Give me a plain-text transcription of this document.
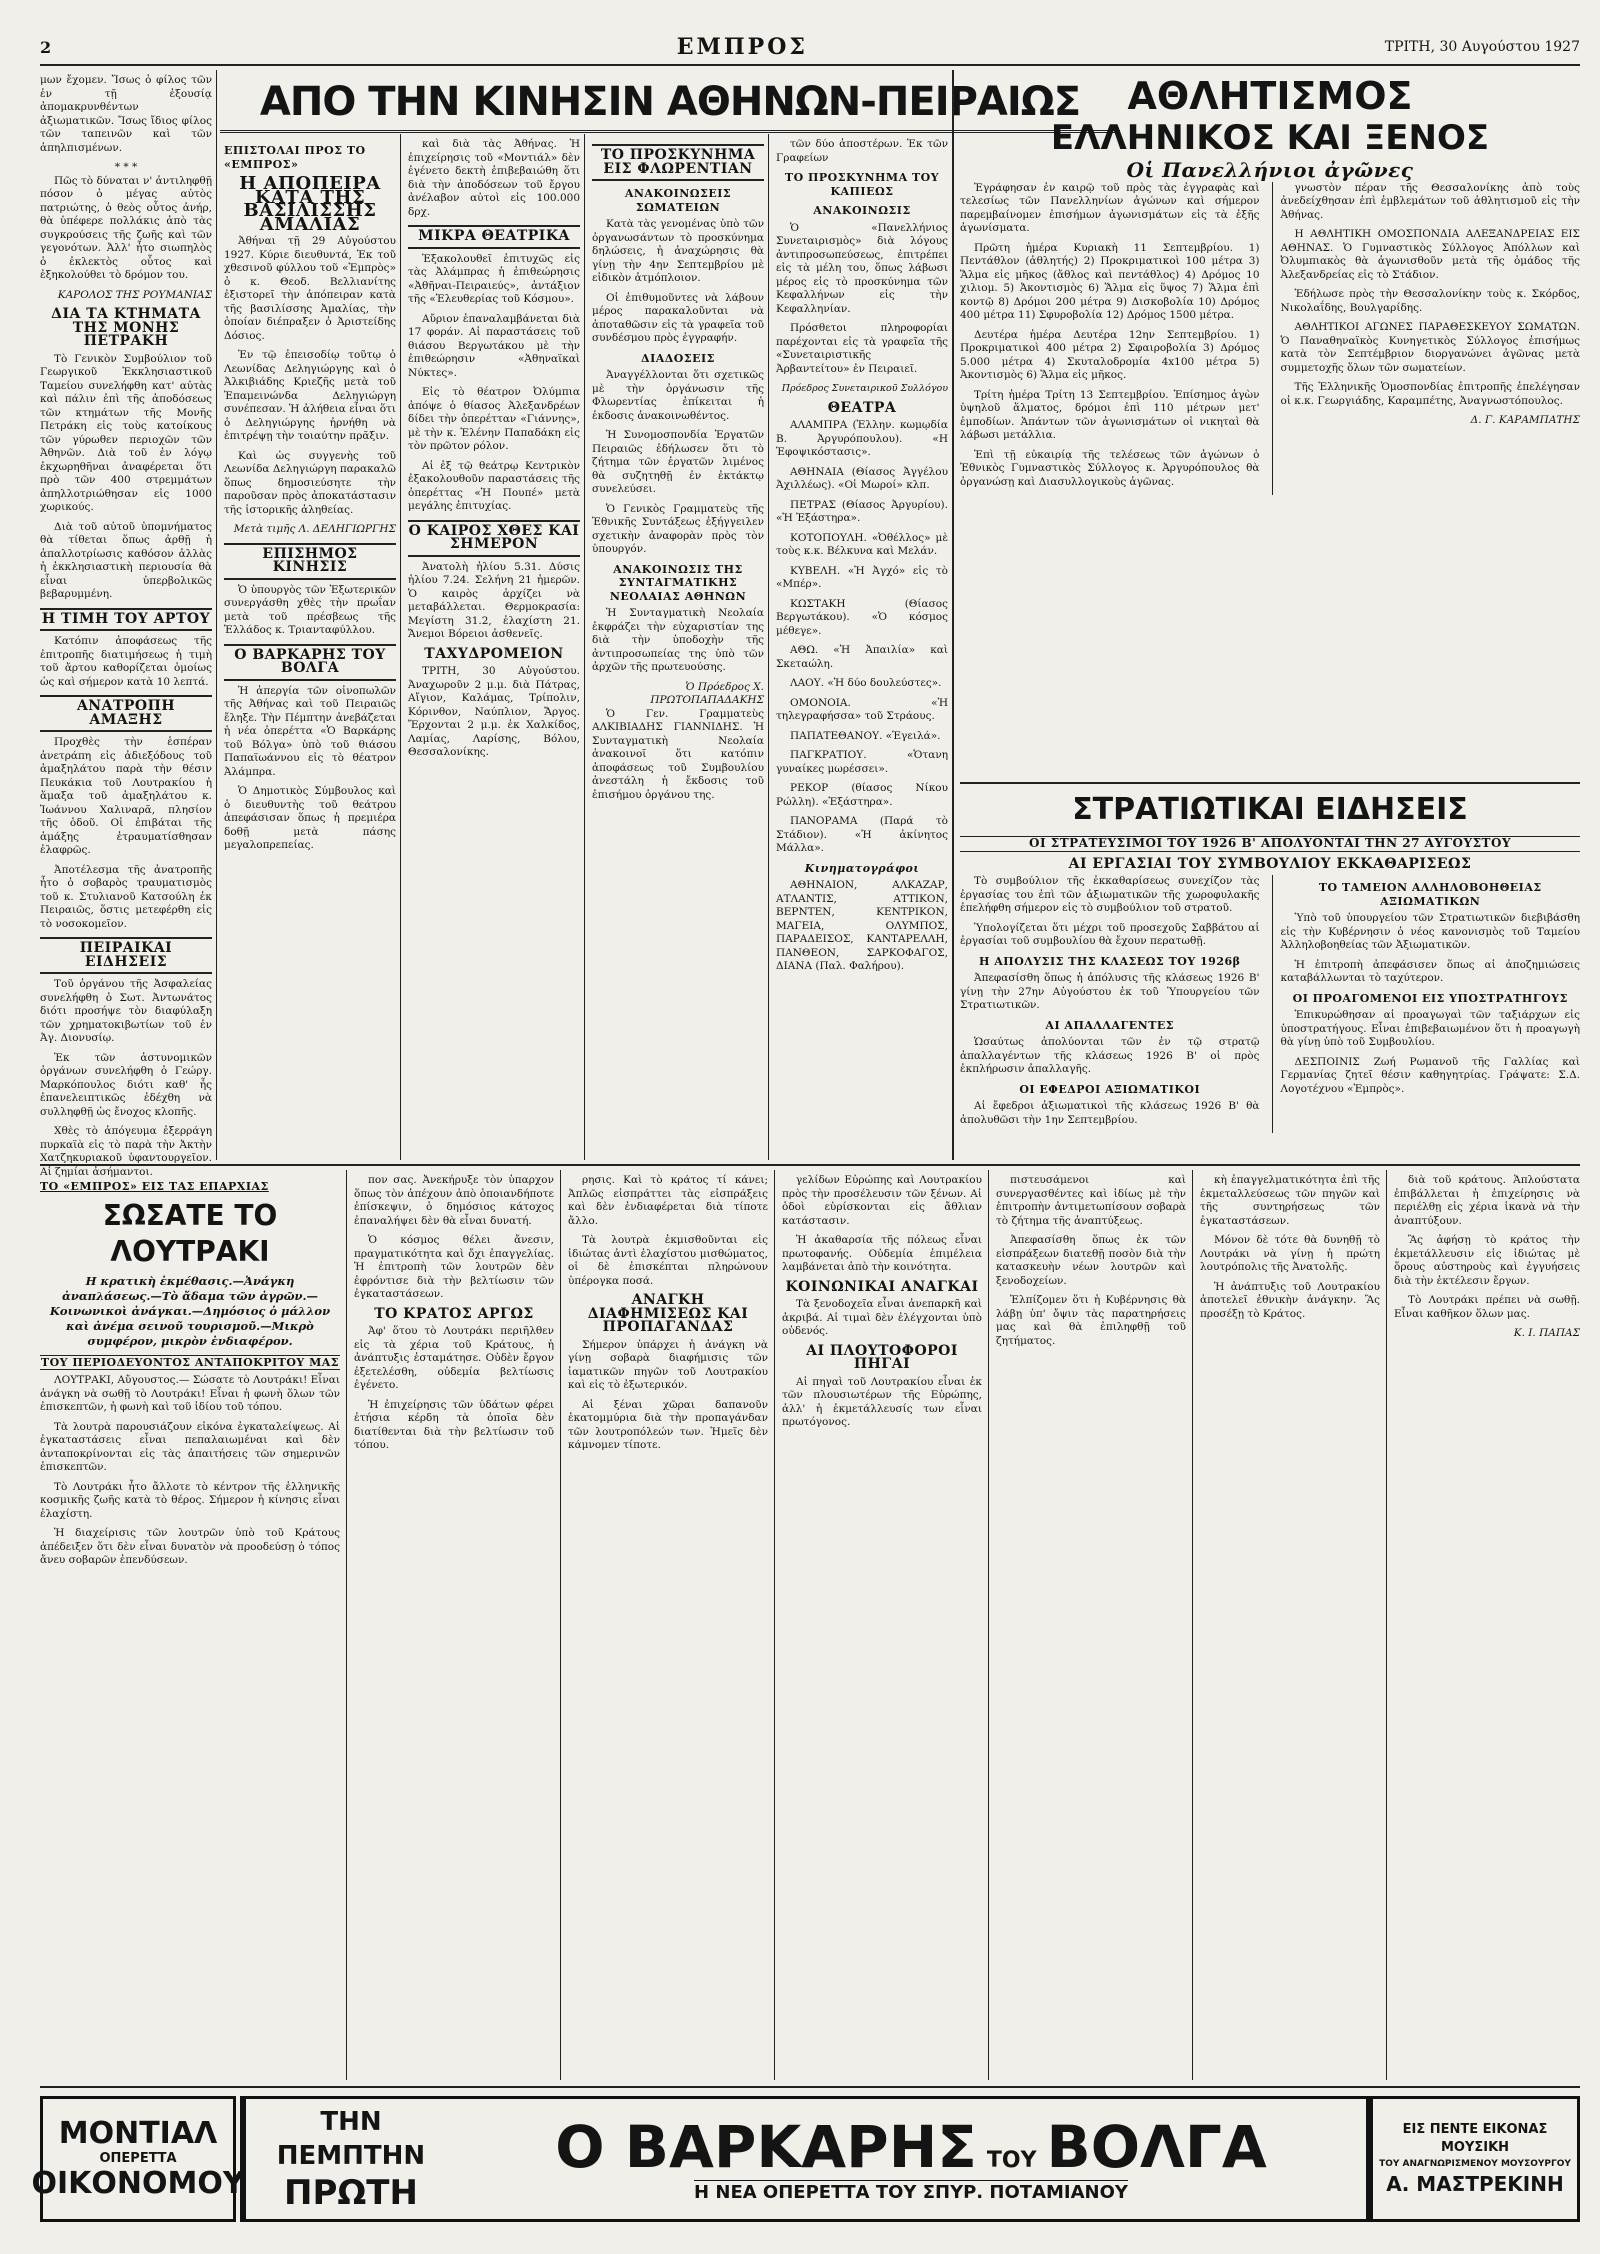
2	ΕΜΠΡΟΣ	ΤΡΙΤΗ, 30 Αυγούστου 1927
ΑΠΟ ΤΗΝ ΚΙΝΗΣΙΝ ΑΘΗΝΩΝ-ΠΕΙΡΑΙΩΣ
μων ἔχομεν. Ἴσως ὁ φίλος τῶν ἐν τῇ ἐξουσίᾳ ἀπομακρυνθέντων ἀξιωματικῶν. Ἴσως ἴδιος φίλος τῶν ταπεινῶν καὶ τῶν ἀπηλπισμένων.
* * *

Πῶς τὸ δύναται ν' ἀντιληφθῇ πόσον ὁ μέγας αὐτὸς πατριώτης, ὁ θεὸς οὗτος ἀνήρ, θὰ ὑπέφερε πολλάκις ἀπὸ τὰς συγκρούσεις τῆς ζωῆς καὶ τῶν γεγονότων. Ἀλλ' ἦτο σιωπηλὸς ὁ ἐκλεκτὸς οὗτος καὶ ἐξηκολούθει τὸ δρόμον του.

ΚΑΡΟΛΟΣ ΤΗΣ ΡΟΥΜΑΝΙΑΣ
ΔΙΑ ΤΑ ΚΤΗΜΑΤΑ ΤΗΣ ΜΟΝΗΣ ΠΕΤΡΑΚΗ

Τὸ Γενικὸν Συμβούλιον τοῦ Γεωργικοῦ Ἐκκλησιαστικοῦ Ταμείου συνελήφθη κατ' αὐτὰς καὶ πάλιν ἐπὶ τῆς ἀποδόσεως τῶν κτημάτων τῆς Μονῆς Πετράκη εἰς τοὺς κατοίκους τῶν γύρωθεν περιοχῶν τῶν Ἀθηνῶν. Διὰ τοῦ ἐν λόγῳ ἐκχωρηθῆναι ἀναφέρεται ὅτι πρὸ τῶν 400 στρεμμάτων ἀπηλλοτριώθησαν εἰς 1000 χωρικούς.

Διὰ τοῦ αὐτοῦ ὑπομνήματος θὰ τίθεται ὅπως ἀρθῇ ἡ ἀπαλλοτρίωσις καθόσον ἀλλὰς ἡ ἐκκλησιαστικὴ περιουσία θὰ εἶναι ὑπερβολικῶς βεβαρυμμένη.

Η ΤΙΜΗ ΤΟΥ ΑΡΤΟΥ

Κατόπιν ἀποφάσεως τῆς ἐπιτροπῆς διατιμήσεως ἡ τιμὴ τοῦ ἄρτου καθορίζεται ὁμοίως ὡς καὶ σήμερον κατὰ 10 λεπτά.

ΑΝΑΤΡΟΠΗ ΑΜΑΞΗΣ

Προχθὲς τὴν ἑσπέραν ἀνετράπη εἰς ἀδιεξόδους τοῦ ἁμαξηλάτου παρὰ τὴν θέσιν Πευκάκια τοῦ Λουτρακίου ἡ ἅμαξα τοῦ ἁμαξηλάτου κ. Ἰωάννου Χαλιναρᾶ, πλησίον τῆς ὁδοῦ. Οἱ ἐπιβάται τῆς ἁμάξης ἐτραυματίσθησαν ἐλαφρῶς.

Ἀποτέλεσμα τῆς ἀνατροπῆς ἦτο ὁ σοβαρὸς τραυματισμὸς τοῦ κ. Στυλιανοῦ Κατσούλη ἐκ Πειραιῶς, ὅστις μετεφέρθη εἰς τὸ νοσοκομεῖον.

ΠΕΙΡΑΙΚΑΙ ΕΙΔΗΣΕΙΣ

Τοῦ ὀργάνου τῆς Ἀσφαλείας συνελήφθη ὁ Σωτ. Ἀντωνάτος διότι προσήψε τὸν διαφύλαξη τῶν χρηματοκιβωτίων τοῦ ἐν Ἀγ. Διονυσίῳ.

Ἐκ τῶν ἀστυνομικῶν ὀργάνων συνελήφθη ὁ Γεώργ. Μαρκόπουλος διότι καθ' ἧς ἐπανελειπτικῶς ἐδέχθη νὰ συλληφθῇ ὡς ἔνοχος κλοπῆς.

Χθὲς τὸ ἀπόγευμα ἐξερράγη πυρκαϊὰ εἰς τὸ παρὰ τὴν Ἀκτὴν Χατζηκυριακοῦ ὑφαντουργεῖον. Αἱ ζημίαι ἀσήμαντοι.

ΕΠΙΣΤΟΛΑΙ ΠΡΟΣ ΤΟ «ΕΜΠΡΟΣ»
Η ΑΠΟΠΕΙΡΑ ΚΑΤΑ ΤΗΣ ΒΑΣΙΛΙΣΣΗΣ ΑΜΑΛΙΑΣ

Ἀθήναι τῇ 29 Αὐγούστου 1927. Κύριε διευθυντά, Ἐκ τοῦ χθεσινοῦ φύλλου τοῦ «Ἐμπρὸς» ὁ κ. Θεοδ. Βελλιανίτης ἐξιστορεῖ τὴν ἀπόπειραν κατὰ τῆς βασιλίσσης Ἀμαλίας, τὴν ὁποίαν διέπραξεν ὁ Ἀριστείδης Δόσιος.

Ἐν τῷ ἐπεισοδίῳ τοῦτῳ ὁ Λεωνίδας Δεληγιώργης καὶ ὁ Ἀλκιβιάδης Κριεζῆς μετὰ τοῦ Ἐπαμεινώνδα Δεληγιώργη συνέπεσαν. Ἡ ἀλήθεια εἶναι ὅτι ὁ Δεληγιώργης ἠρνήθη νὰ ἐπιτρέψῃ τὴν τοιαύτην πρᾶξιν.

Καὶ ὡς συγγενὴς τοῦ Λεωνίδα Δεληγιώργη παρακαλῶ ὅπως δημοσιεύσητε τὴν παροῦσαν πρὸς ἀποκατάστασιν τῆς ἱστορικῆς ἀληθείας.

Μετὰ τιμῆς Λ. ΔΕΛΗΓΙΩΡΓΗΣ
ΕΠΙΣΗΜΟΣ ΚΙΝΗΣΙΣ

Ὁ ὑπουργὸς τῶν Ἐξωτερικῶν συνεργάσθη χθὲς τὴν πρωΐαν μετὰ τοῦ πρέσβεως τῆς Ἑλλάδος κ. Τριανταφύλλου.

Ο ΒΑΡΚΑΡΗΣ ΤΟΥ ΒΟΛΓΑ

Ἡ ἀπεργία τῶν οἰνοπωλῶν τῆς Ἀθήνας καὶ τοῦ Πειραιῶς ἔληξε. Τὴν Πέμπτην ἀνεβάζεται ἡ νέα ὀπερέττα «Ὁ Βαρκάρης τοῦ Βόλγα» ὑπὸ τοῦ θιάσου Παπαϊωάννου εἰς τὸ θέατρον Ἀλάμπρα.

Ὁ Δημοτικὸς Σύμβουλος καὶ ὁ διευθυντὴς τοῦ θεάτρου ἀπεφάσισαν ὅπως ἡ πρεμιέρα δοθῇ μετὰ πάσης μεγαλοπρεπείας.

καὶ διὰ τὰς Ἀθήνας. Ἡ ἐπιχείρησις τοῦ «Μοντιάλ» δὲν ἐγένετο δεκτὴ ἐπιβεβαιώθη ὅτι διὰ τὴν ἀποδόσεων τοῦ ἔργου ἀνέλαβον αὐτοὶ εἰς 100.000 δρχ.

ΜΙΚΡΑ ΘΕΑΤΡΙΚΑ

Ἐξακολουθεῖ ἐπιτυχῶς εἰς τὰς Ἀλάμπρας ἡ ἐπιθεώρησις «Ἀθῆναι-Πειραιεύς», ἀντάξιον τῆς «Ἐλευθερίας τοῦ Κόσμου».

Αὔριον ἐπαναλαμβάνεται διὰ 17 φοράν. Αἱ παραστάσεις τοῦ θιάσου Βεργωτάκου μὲ τὴν ἐπιθεώρησιν «Ἀθηναϊκαὶ Νύκτες».

Εἰς τὸ θέατρον Ὀλύμπια ἀπόψε ὁ θίασος Ἀλεξανδρέων δίδει τὴν ὀπερέτταν «Γιάννης», μὲ τὴν κ. Ἑλένην Παπαδάκη εἰς τὸν πρῶτον ρόλον.

Αἱ ἐξ τῷ θεάτρῳ Κεντρικὸν ἐξακολουθοῦν παραστάσεις τῆς ὀπερέττας «Ἡ Πουπέ» μετὰ μεγάλης ἐπιτυχίας.

Ο ΚΑΙΡΟΣ ΧΘΕΣ ΚΑΙ ΣΗΜΕΡΟΝ

Ἀνατολὴ ἡλίου 5.31. Δύσις ἡλίου 7.24. Σελήνη 21 ἡμερῶν. Ὁ καιρὸς ἀρχίζει νὰ μεταβάλλεται. Θερμοκρασία: Μεγίστη 31.2, ἐλαχίστη 21. Ἄνεμοι Βόρειοι ἀσθενεῖς.

ΤΑΧΥΔΡΟΜΕΙΟΝ

ΤΡΙΤΗ, 30 Αὐγούστου. Ἀναχωροῦν 2 μ.μ. διὰ Πάτρας, Αἴγιον, Καλάμας, Τρίπολιν, Κόρινθον, Ναύπλιον, Ἄργος. Ἔρχονται 2 μ.μ. ἐκ Χαλκίδος, Λαμίας, Λαρίσης, Βόλου, Θεσσαλονίκης.

ΤΟ ΠΡΟΣΚΥΝΗΜΑ ΕΙΣ ΦΛΩΡΕΝΤΙΑΝ
ΑΝΑΚΟΙΝΩΣΕΙΣ ΣΩΜΑΤΕΙΩΝ

Κατὰ τὰς γενομένας ὑπὸ τῶν ὀργανωσάντων τὸ προσκύνημα δηλώσεις, ἡ ἀναχώρησις θὰ γίνῃ τὴν 4ην Σεπτεμβρίου μὲ εἰδικὸν ἀτμόπλοιον.

Οἱ ἐπιθυμοῦντες νὰ λάβουν μέρος παρακαλοῦνται νὰ ἀποταθῶσιν εἰς τὰ γραφεῖα τοῦ συνδέσμου πρὸς ἐγγραφήν.

ΔΙΑΔΟΣΕΙΣ

Ἀναγγέλλονται ὅτι σχετικῶς μὲ τὴν ὀργάνωσιν τῆς Φλωρεντίας ἐπίκειται ἡ ἐκδοσις ἀνακοινωθέντος.

Ἡ Συνομοσπονδία Ἐργατῶν Πειραιῶς ἐδήλωσεν ὅτι τὸ ζήτημα τῶν ἐργατῶν λιμένος θὰ συζητηθῇ ἐν ἐκτάκτῳ συνελεύσει.

Ὁ Γενικὸς Γραμματεὺς τῆς Ἐθνικῆς Συντάξεως ἐξήγγειλεν σχετικὴν ἀναφορὰν πρὸς τὸν ὑπουργόν.

ΑΝΑΚΟΙΝΩΣΙΣ ΤΗΣ ΣΥΝΤΑΓΜΑΤΙΚΗΣ ΝΕΟΛΑΙΑΣ ΑΘΗΝΩΝ

Ἡ Συνταγματικὴ Νεολαία ἐκφράζει τὴν εὐχαριστίαν της διὰ τὴν ὑποδοχὴν τῆς ἀντιπροσωπείας της ὑπὸ τῶν ἀρχῶν τῆς πρωτευούσης.

Ὁ Πρόεδρος Χ. ΠΡΩΤΟΠΑΠΑΔΑΚΗΣ

Ὁ Γεν. Γραμματεὺς ΑΛΚΙΒΙΑΔΗΣ ΓΙΑΝΝΙΔΗΣ. Ἡ Συνταγματικὴ Νεολαία ἀνακοινοῖ ὅτι κατόπιν ἀποφάσεως τοῦ Συμβουλίου ἀνεστάλη ἡ ἔκδοσις τοῦ ἐπισήμου ὀργάνου της.

τῶν δύο ἀποστέρων. Ἐκ τῶν Γραφείων

ΤΟ ΠΡΟΣΚΥΝΗΜΑ ΤΟΥ ΚΑΠΙΕΩΣ
ΑΝΑΚΟΙΝΩΣΙΣ

Ὁ «Πανελλήνιος Συνεταιρισμὸς» διὰ λόγους ἀντιπροσωπεύσεως, ἐπιτρέπει εἰς τὰ μέλη του, ὅπως λάβωσι μέρος εἰς τὸ προσκύνημα τῶν Κεφαλλήνων εἰς τὴν Κεφαλληνίαν.

Πρόσθετοι πληροφορίαι παρέχονται εἰς τὰ γραφεῖα τῆς «Συνεταιριστικῆς Ἀρβαντείτου» ἐν Πειραιεῖ.

Πρόεδρος Συνεταιρικοῦ Συλλόγου
ΘΕΑΤΡΑ

ΑΛΑΜΠΡΑ (Ἐλλην. κωμῳδία Β. Ἀργυρόπουλου). «Η Ἐφοψικόστασις».

ΑΘΗΝΑΙΑ (Θίασος Ἀγγέλου Ἀχιλλέως). «Οἱ Μωροί» κλπ.

ΠΕΤΡΑΣ (Θίασος Ἀργυρίου). «Ἡ Ἐξάστηρα».

ΚΟΤΟΠΟΥΛΗ. «Ὀθέλλος» μὲ τοὺς κ.κ. Βέλκυνα καὶ Μελάν.

ΚΥΒΕΛΗ. «Ἡ Ἀγχό» εἰς τὸ «Μπέρ».

ΚΩΣΤΑΚΗ (Θίασος Βεργωτάκου). «Ὁ κόσμος μέθεγε».

ΑΘΩ. «Ἡ Ἀπαιλία» καὶ Σκεταώλη.

ΛΑΟΥ. «Ἡ δύο δουλεύστες».

ΟΜΟΝΟΙΑ. «Ἡ τηλεγραφήσσα» τοῦ Στράους.

ΠΑΠΑΤΕΘΑΝΟΥ. «Ἐγειλά».

ΠΑΓΚΡΑΤΙΟΥ. «Ὁτανη γυναίκες μωρέσσει».

ΡΕΚΟΡ (θίασος Νίκου Ρώλλη). «Ἐξάστηρα».

ΠΑΝΟΡΑΜΑ (Παρά τὸ Στάδιον). «Ἡ ἀκίνητος Μάλλα».

Κινηματογράφοι

ΑΘΗΝΑΙΟΝ, ΑΛΚΑΖΑΡ, ΑΤΛΑΝΤΙΣ, ΑΤΤΙΚΟΝ, ΒΕΡΝΤΕΝ, ΚΕΝΤΡΙΚΟΝ, ΜΑΓΕΙΑ, ΟΛΥΜΠΟΣ, ΠΑΡΑΔΕΙΣΟΣ, ΚΑΝΤΑΡΕΛΛΗ, ΠΑΝΘΕΟΝ, ΣΑΡΚΟΦΑΓΟΣ, ΔΙΑΝΑ (Παλ. Φαλήρου).

ΑΘΛΗΤΙΣΜΟΣ
ΕΛΛΗΝΙΚΟΣ ΚΑΙ ΞΕΝΟΣ
Οἱ Πανελλήνιοι ἀγῶνες

Ἐγράφησαν ἐν καιρῷ τοῦ πρὸς τὰς ἐγγραφὰς καὶ τελεσίως τῶν Πανελληνίων ἀγώνων καὶ σήμερον παρεμβαίνομεν ἐπισήμων ἀγωνισμάτων εἰς τὰ ἐξῆς ἀγωνίσματα.

Πρῶτη ἡμέρα Κυριακὴ 11 Σεπτεμβρίου. 1) Πεντάθλον (ἀθλητής) 2) Προκριματικοὶ 100 μέτρα 3) Ἅλμα εἰς μῆκος (ἄθλος καὶ πεντάθλος) 4) Δρόμος 10 χιλιομ. 5) Ἀκοντισμὸς 6) Ἅλμα εἰς ὕψος 7) Ἅλμα ἐπὶ κοντῷ 8) Δρόμοι 200 μέτρα 9) Δισκοβολία 10) Δρόμος 400 μέτρα 11) Σφυροβολία 12) Δρόμος 1500 μέτρα.

Δευτέρα ἡμέρα Δευτέρα 12ην Σεπτεμβρίου. 1) Προκριματικοὶ 400 μέτρα 2) Σφαιροβολία 3) Δρόμος 5.000 μέτρα 4) Σκυταλοδρομία 4x100 μέτρα 5) Ἀκοντισμὸς 6) Ἅλμα εἰς μῆκος.

Τρίτη ἡμέρα Τρίτη 13 Σεπτεμβρίου. Ἐπίσημος ἀγὼν ὑψηλοῦ ἅλματος, δρόμοι ἐπὶ 110 μέτρων μετ' ἐμποδίων. Ἁπάντων τῶν ἀγωνισμάτων οἱ νικηταὶ θὰ λάβωσι μετάλλια.

Ἐπὶ τῇ εὐκαιρίᾳ τῆς τελέσεως τῶν ἀγώνων ὁ Ἐθνικὸς Γυμναστικὸς Σύλλογος κ. Ἀργυρόπουλος θὰ ὀργανώσῃ καὶ Διασυλλογικοὺς ἀγῶνας.

γνωστὸν πέραν τῆς Θεσσαλονίκης ἀπὸ τοὺς ἀνεδείχθησαν ἐπὶ ἐμβλεμάτων τοῦ ἀθλητισμοῦ εἰς τὴν Ἀθήνας.

Η ΑΘΛΗΤΙΚΗ ΟΜΟΣΠΟΝΔΙΑ ΑΛΕΞΑΝΔΡΕΙΑΣ ΕΙΣ ΑΘΗΝΑΣ. Ὁ Γυμναστικὸς Σύλλογος Ἀπόλλων καὶ Ὀλυμπιακὸς θὰ ἀγωνισθοῦν μετὰ τῆς ὁμάδος τῆς Ἀλεξανδρείας εἰς τὸ Στάδιον.

Ἐδήλωσε πρὸς τὴν Θεσσαλονίκην τοὺς κ. Σκόρδος, Νικολαΐδης, Βουλγαρίδης.

ΑΘΛΗΤΙΚΟΙ ΑΓΩΝΕΣ ΠΑΡΑΘΕΣΚΕΥΟΥ ΣΩΜΑΤΩΝ. Ὁ Παναθηναϊκὸς Κυνηγετικὸς Σύλλογος ἐπισήμως κατὰ τὸν Σεπτέμβριον διοργανώνει ἀγῶνας μετὰ συμμετοχῆς ὅλων τῶν σωματείων.

Τῆς Ἑλληνικῆς Ὁμοσπονδίας ἐπιτροπῆς ἐπελέγησαν οἱ κ.κ. Γεωργιάδης, Καραμπέτης, Ἀναγνωστόπουλος.

Δ. Γ. ΚΑΡΑΜΠΑΤΗΣ
ΣΤΡΑΤΙΩΤΙΚΑΙ ΕΙΔΗΣΕΙΣ
ΟΙ ΣΤΡΑΤΕΥΣΙΜΟΙ ΤΟΥ 1926 Β' ΑΠΟΛΥΟΝΤΑΙ ΤΗΝ 27 ΑΥΓΟΥΣΤΟΥ
ΑΙ ΕΡΓΑΣΙΑΙ ΤΟΥ ΣΥΜΒΟΥΛΙΟΥ ΕΚΚΑΘΑΡΙΣΕΩΣ

Τὸ συμβούλιον τῆς ἐκκαθαρίσεως συνεχίζον τὰς ἐργασίας του ἐπὶ τῶν ἀξιωματικῶν τῆς χωροφυλακῆς ἐπελήφθη σήμερον εἰς τὸ συμβούλιον τοῦ στρατοῦ.

Ὑπολογίζεται ὅτι μέχρι τοῦ προσεχοῦς Σαββάτου αἱ ἐργασίαι τοῦ συμβουλίου θὰ ἔχουν περατωθῇ.

Η ΑΠΟΛΥΣΙΣ ΤΗΣ ΚΛΑΣΕΩΣ ΤΟΥ 1926β

Ἀπεφασίσθη ὅπως ἡ ἀπόλυσις τῆς κλάσεως 1926 Β' γίνῃ τὴν 27ην Αὐγούστου ἐκ τοῦ Ὑπουργείου τῶν Στρατιωτικῶν.

ΑΙ ΑΠΑΛΛΑΓΕΝΤΕΣ

Ὡσαύτως ἀπολύονται τῶν ἐν τῷ στρατῷ ἀπαλλαγέντων τῆς κλάσεως 1926 Β' οἱ πρὸς ἐκπλήρωσιν ἀπαλλαγῆς.

ΟΙ ΕΦΕΔΡΟΙ ΑΞΙΩΜΑΤΙΚΟΙ

Αἱ ἔφεδροι ἀξιωματικοὶ τῆς κλάσεως 1926 Β' θὰ ἀπολυθῶσι τὴν 1ην Σεπτεμβρίου.

ΤΟ ΤΑΜΕΙΟΝ ΑΛΛΗΛΟΒΟΗΘΕΙΑΣ ΑΞΙΩΜΑΤΙΚΩΝ

Ὑπὸ τοῦ ὑπουργείου τῶν Στρατιωτικῶν διεβιβάσθη εἰς τὴν Κυβέρνησιν ὁ νέος κανονισμὸς τοῦ Ταμείου Ἀλληλοβοηθείας τῶν Ἀξιωματικῶν.

Ἡ ἐπιτροπὴ ἀπεφάσισεν ὅπως αἱ ἀποζημιώσεις καταβάλλωνται τὸ ταχύτερον.

ΟΙ ΠΡΟΑΓΟΜΕΝΟΙ ΕΙΣ ΥΠΟΣΤΡΑΤΗΓΟΥΣ

Ἐπικυρώθησαν αἱ προαγωγαὶ τῶν ταξιάρχων εἰς ὑποστρατήγους. Εἶναι ἐπιβεβαιωμένον ὅτι ἡ προαγωγὴ θὰ γίνῃ ὑπὸ τοῦ Συμβουλίου.

ΔΕΣΠΟΙΝΙΣ Ζωή Ρωμανοῦ τῆς Γαλλίας καὶ Γερμανίας ζητεῖ θέσιν καθηγητρίας. Γράψατε: Σ.Δ. Λογοτέχνου «Ἐμπρὸς».

ΤΟ «ΕΜΠΡΟΣ» ΕΙΣ ΤΑΣ ΕΠΑΡΧΙΑΣ
ΣΩΣΑΤΕ ΤΟ ΛΟΥΤΡΑΚΙ
Η κρατικὴ ἐκμέθασις.—Ἀνάγκη ἀναπλάσεως.—Τὸ ἄδαμα τῶν ἀγρῶν.—Κοινωνικοὶ ἀνάγκαι.—Δημόσιος ὁ μάλλον καὶ ἀνέμα σεινοῦ τουρισμοῦ.—Μικρὸ συμφέρον, μικρὸν ἐνδιαφέρον.
ΤΟΥ ΠΕΡΙΟΔΕΥΟΝΤΟΣ ΑΝΤΑΠΟΚΡΙΤΟΥ ΜΑΣ

ΛΟΥΤΡΑΚΙ, Αὔγουστος.— Σώσατε τὸ Λουτράκι! Εἶναι ἀνάγκη νὰ σωθῇ τὸ Λουτράκι! Εἶναι ἡ φωνὴ ὅλων τῶν ἐπισκεπτῶν, ἡ φωνὴ καὶ τοῦ ἰδίου τοῦ τόπου.

Τὰ λουτρὰ παρουσιάζουν εἰκόνα ἐγκαταλείψεως. Αἱ ἐγκαταστάσεις εἶναι πεπαλαιωμέναι καὶ δὲν ἀνταποκρίνονται εἰς τὰς ἀπαιτήσεις τῶν σημερινῶν ἐπισκεπτῶν.

Τὸ Λουτράκι ἦτο ἄλλοτε τὸ κέντρον τῆς ἑλληνικῆς κοσμικῆς ζωῆς κατὰ τὸ θέρος. Σήμερον ἡ κίνησις εἶναι ἐλαχίστη.

Ἡ διαχείρισις τῶν λουτρῶν ὑπὸ τοῦ Κράτους ἀπέδειξεν ὅτι δὲν εἶναι δυνατὸν νὰ προοδεύσῃ ὁ τόπος ἄνευ σοβαρῶν ἐπενδύσεων.

πον σας. Ἀνεκήρυξε τὸν ὑπαρχον ὅπως τὸν ἀπέχουν ἀπὸ ὁποιανδήποτε ἐπίσκεψιν, ὁ δημόσιος κάτοχος ἐπαναλήψει δὲν θὰ εἶναι δυνατή.

Ὁ κόσμος θέλει ἄνεσιν, πραγματικότητα καὶ ὄχι ἐπαγγελίας. Ἡ ἐπιτροπὴ τῶν λουτρῶν δὲν ἐφρόντισε διὰ τὴν βελτίωσιν τῶν ἐγκαταστάσεων.

ΤΟ ΚΡΑΤΟΣ ΑΡΓΩΣ

Ἀφ' ὅτου τὸ Λουτράκι περιῆλθεν εἰς τὰ χέρια τοῦ Κράτους, ἡ ἀνάπτυξις ἐσταμάτησε. Οὐδὲν ἔργον ἐξετελέσθη, οὐδεμία βελτίωσις ἐγένετο.

Ἡ ἐπιχείρησις τῶν ὑδάτων φέρει ἐτήσια κέρδη τὰ ὁποῖα δὲν διατίθενται διὰ τὴν βελτίωσιν τοῦ τόπου.

ρησις. Καὶ τὸ κράτος τί κάνει; Ἀπλῶς εἰσπράττει τὰς εἰσπράξεις καὶ δὲν ἐνδιαφέρεται διὰ τίποτε ἄλλο.

Τὰ λουτρὰ ἐκμισθοῦνται εἰς ἰδιώτας ἀντὶ ἐλαχίστου μισθώματος, οἱ δὲ ἐπισκέπται πληρώνουν ὑπέρογκα ποσά.

ΑΝΑΓΚΗ ΔΙΑΦΗΜΙΣΕΩΣ ΚΑΙ ΠΡΟΠΑΓΑΝΔΑΣ

Σήμερον ὑπάρχει ἡ ἀνάγκη νὰ γίνῃ σοβαρὰ διαφήμισις τῶν ἰαματικῶν πηγῶν τοῦ Λουτρακίου καὶ εἰς τὸ ἐξωτερικόν.

Αἱ ξέναι χῶραι δαπανοῦν ἑκατομμύρια διὰ τὴν προπαγάνδαν τῶν λουτροπόλεών των. Ἡμεῖς δὲν κάμνομεν τίποτε.

γελίδων Εὐρώπης καὶ Λουτρακίου πρὸς τὴν προσέλευσιν τῶν ξένων. Αἱ ὁδοὶ εὑρίσκονται εἰς ἄθλιαν κατάστασιν.

Ἡ ἀκαθαρσία τῆς πόλεως εἶναι πρωτοφανής. Οὐδεμία ἐπιμέλεια λαμβάνεται ἀπὸ τὴν κοινότητα.

ΚΟΙΝΩΝΙΚΑΙ ΑΝΑΓΚΑΙ

Τὰ ξενοδοχεῖα εἶναι ἀνεπαρκῆ καὶ ἀκριβά. Αἱ τιμαὶ δὲν ἐλέγχονται ὑπὸ οὐδενός.

ΑΙ ΠΛΟΥΤΟΦΟΡΟΙ ΠΗΓΑΙ

Αἱ πηγαὶ τοῦ Λουτρακίου εἶναι ἐκ τῶν πλουσιωτέρων τῆς Εὐρώπης, ἀλλ' ἡ ἐκμετάλλευσίς των εἶναι πρωτόγονος.

πιστευσάμενοι καὶ συνεργασθέντες καὶ ἰδίως μὲ τὴν ἐπιτροπὴν ἀντιμετωπίσουν σοβαρὰ τὸ ζήτημα τῆς ἀναπτύξεως.

Ἀπεφασίσθη ὅπως ἐκ τῶν εἰσπράξεων διατεθῇ ποσὸν διὰ τὴν κατασκευὴν νέων λουτρῶν καὶ ξενοδοχείων.

Ἐλπίζομεν ὅτι ἡ Κυβέρνησις θὰ λάβῃ ὑπ' ὄψιν τὰς παρατηρήσεις μας καὶ θὰ ἐπιληφθῇ τοῦ ζητήματος.

κὴ ἐπαγγελματικότητα ἐπὶ τῆς ἐκμεταλλεύσεως τῶν πηγῶν καὶ τῆς συντηρήσεως τῶν ἐγκαταστάσεων.

Μόνον δὲ τότε θὰ δυνηθῇ τὸ Λουτράκι νὰ γίνῃ ἡ πρώτη λουτρόπολις τῆς Ἀνατολῆς.

Ἡ ἀνάπτυξις τοῦ Λουτρακίου ἀποτελεῖ ἐθνικὴν ἀνάγκην. Ἂς προσέξῃ τὸ Κράτος.

διὰ τοῦ κράτους. Ἁπλούστατα ἐπιβάλλεται ἡ ἐπιχείρησις νὰ περιέλθῃ εἰς χέρια ἱκανὰ νὰ τὴν ἀναπτύξουν.

Ἂς ἀφήσῃ τὸ κράτος τὴν ἐκμετάλλευσιν εἰς ἰδιώτας μὲ ὅρους αὐστηροὺς καὶ ἐγγυήσεις διὰ τὴν ἐκτέλεσιν ἔργων.

Τὸ Λουτράκι πρέπει νὰ σωθῇ. Εἶναι καθῆκον ὅλων μας.

Κ. Ι. ΠΑΠΑΣ
ΜΟΝΤΙΑΛ
ΟΠΕΡΕΤΤΑ
ΟΙΚΟΝΟΜΟΥ
ΤΗΝ ΠΕΜΠΤΗΝ
ΠΡΩΤΗ
Ο ΒΑΡΚΑΡΗΣ ΤΟΥ ΒΟΛΓΑ
Η ΝΕΑ ΟΠΕΡΕΤΤΑ ΤΟΥ ΣΠΥΡ. ΠΟΤΑΜΙΑΝΟΥ
ΕΙΣ ΠΕΝΤΕ ΕΙΚΟΝΑΣ
ΜΟΥΣΙΚΗ
ΤΟΥ ΑΝΑΓΝΩΡΙΣΜΕΝΟΥ ΜΟΥΣΟΥΡΓΟΥ
Α. ΜΑΣΤΡΕΚΙΝΗ
